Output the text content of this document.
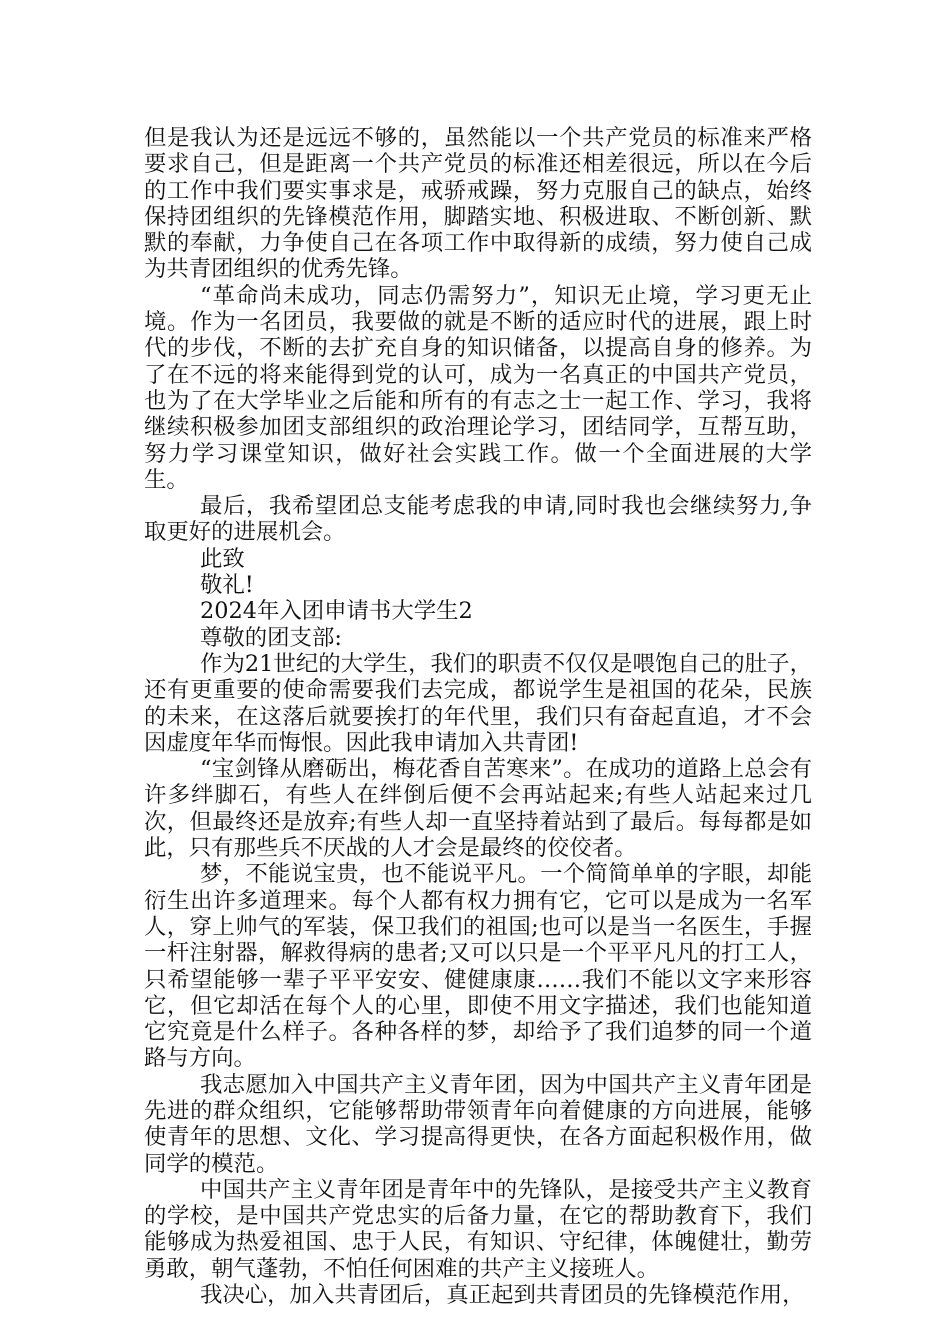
但是我认为还是远远不够的，虽然能以一个共产党员的标准来严格要求自己，但是距离一个共产党员的标准还相差很远，所以在今后的工作中我们要实事求是，戒骄戒躁，努力克服自己的缺点，始终保持团组织的先锋模范作用，脚踏实地、积极进取、不断创新、默默的奉献，力争使自己在各项工作中取得新的成绩，努力使自己成为共青团组织的优秀先锋。

“革命尚未成功，同志仍需努力”，知识无止境，学习更无止境。作为一名团员，我要做的就是不断的适应时代的进展，跟上时代的步伐，不断的去扩充自身的知识储备，以提高自身的修养。为了在不远的将来能得到党的认可，成为一名真正的中国共产党员，也为了在大学毕业之后能和所有的有志之士一起工作、学习，我将继续积极参加团支部组织的政治理论学习，团结同学，互帮互助，努力学习课堂知识，做好社会实践工作。做一个全面进展的大学生。

最后，我希望团总支能考虑我的申请,同时我也会继续努力,争取更好的进展机会。

此致

敬礼!

2024年入团申请书大学生2

尊敬的团支部:

作为21世纪的大学生，我们的职责不仅仅是喂饱自己的肚子，还有更重要的使命需要我们去完成，都说学生是祖国的花朵，民族的未来，在这落后就要挨打的年代里，我们只有奋起直追，才不会因虚度年华而悔恨。因此我申请加入共青团!

“宝剑锋从磨砺出，梅花香自苦寒来”。在成功的道路上总会有许多绊脚石，有些人在绊倒后便不会再站起来;有些人站起来过几次，但最终还是放弃;有些人却一直坚持着站到了最后。每每都是如此，只有那些兵不厌战的人才会是最终的佼佼者。

梦，不能说宝贵，也不能说平凡。一个简简单单的字眼，却能衍生出许多道理来。每个人都有权力拥有它，它可以是成为一名军人，穿上帅气的军装，保卫我们的祖国;也可以是当一名医生，手握一杆注射器，解救得病的患者;又可以只是一个平平凡凡的打工人，只希望能够一辈子平平安安、健健康康……我们不能以文字来形容它，但它却活在每个人的心里，即使不用文字描述，我们也能知道它究竟是什么样子。各种各样的梦，却给予了我们追梦的同一个道路与方向。

我志愿加入中国共产主义青年团，因为中国共产主义青年团是先进的群众组织，它能够帮助带领青年向着健康的方向进展，能够使青年的思想、文化、学习提高得更快，在各方面起积极作用，做同学的模范。

中国共产主义青年团是青年中的先锋队，是接受共产主义教育的学校，是中国共产党忠实的后备力量，在它的帮助教育下，我们能够成为热爱祖国、忠于人民，有知识、守纪律，体魄健壮，勤劳勇敢，朝气蓬勃，不怕任何困难的共产主义接班人。

我决心，加入共青团后，真正起到共青团员的先锋模范作用，
